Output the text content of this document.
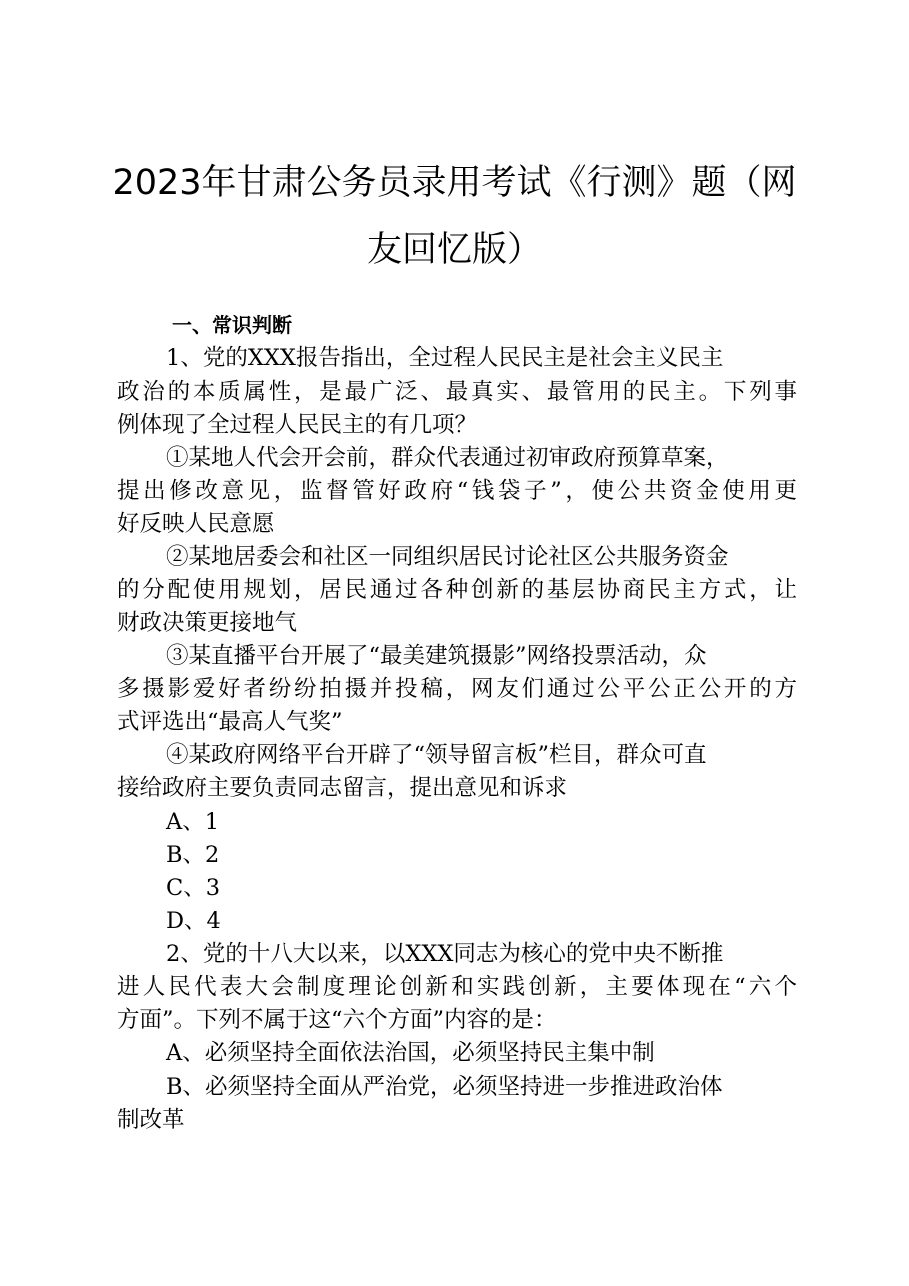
2023年甘肃公务员录用考试《行测》题（网
友回忆版）
一、常识判断
1、党的XXX报告指出，全过程人民民主是社会主义民主
政治的本质属性，是最广泛、最真实、最管用的民主。下列事
例体现了全过程人民民主的有几项？
①某地人代会开会前，群众代表通过初审政府预算草案，
提出修改意见，监督管好政府“钱袋子”，使公共资金使用更
好反映人民意愿
②某地居委会和社区一同组织居民讨论社区公共服务资金
的分配使用规划，居民通过各种创新的基层协商民主方式，让
财政决策更接地气
③某直播平台开展了“最美建筑摄影”网络投票活动，众
多摄影爱好者纷纷拍摄并投稿，网友们通过公平公正公开的方
式评选出“最高人气奖”
④某政府网络平台开辟了“领导留言板”栏目，群众可直
接给政府主要负责同志留言，提出意见和诉求
A、1
B、2
C、3
D、4
2、党的十八大以来，以XXX同志为核心的党中央不断推
进人民代表大会制度理论创新和实践创新，主要体现在“六个
方面”。下列不属于这“六个方面”内容的是：
A、必须坚持全面依法治国，必须坚持民主集中制
B、必须坚持全面从严治党，必须坚持进一步推进政治体
制改革
